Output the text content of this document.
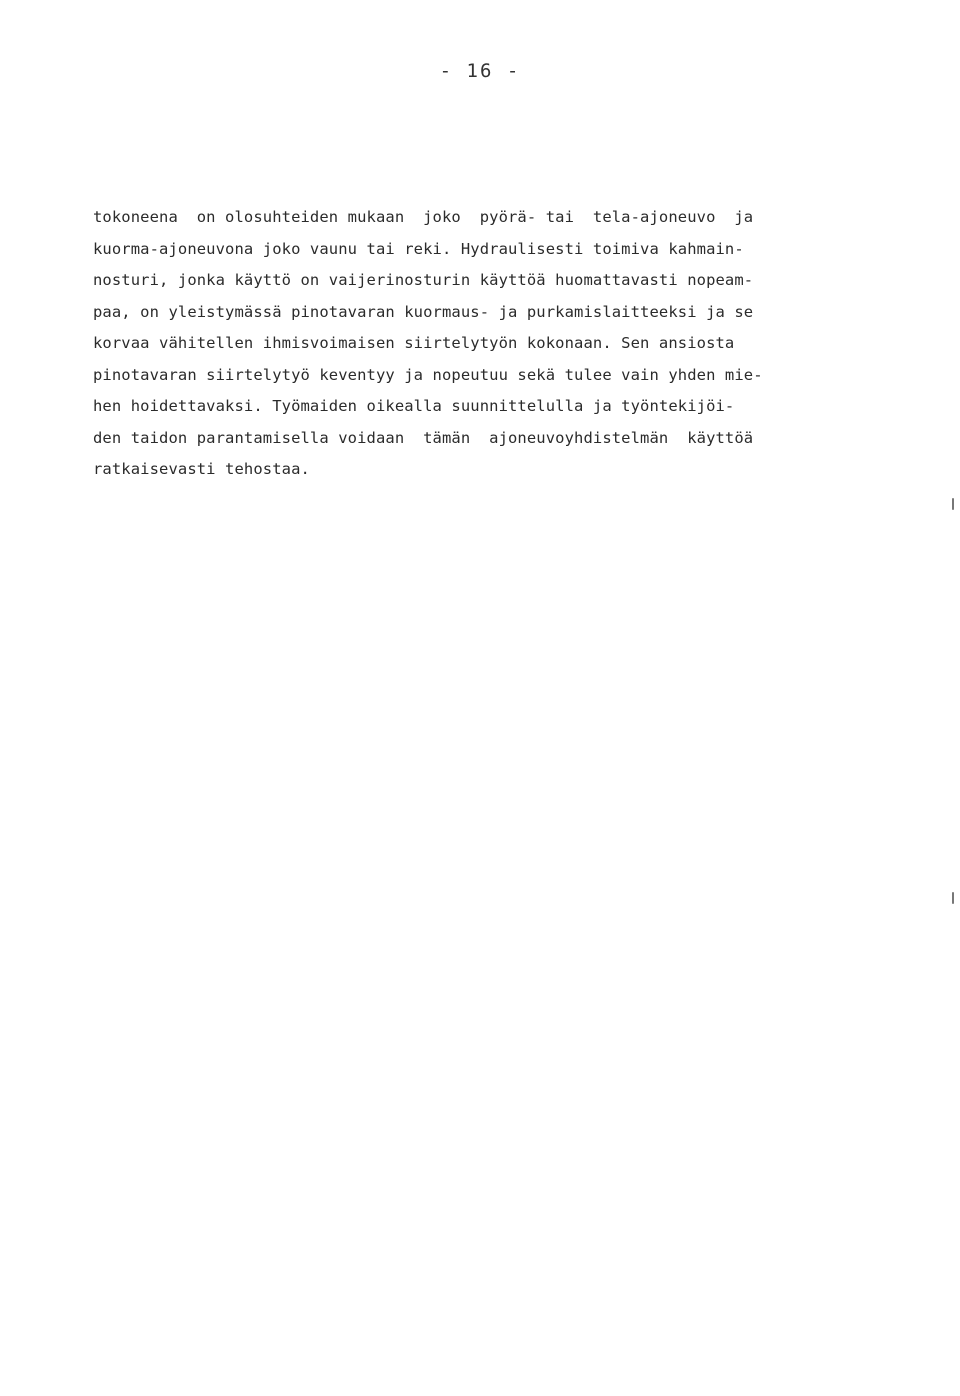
- 16 -
tokoneena  on olosuhteiden mukaan  joko  pyörä- tai  tela-ajoneuvo  ja
kuorma-ajoneuvona joko vaunu tai reki. Hydraulisesti toimiva kahmain-
nosturi, jonka käyttö on vaijerinosturin käyttöä huomattavasti nopeam-
paa, on yleistymässä pinotavaran kuormaus- ja purkamislaitteeksi ja se
korvaa vähitellen ihmisvoimaisen siirtelytyön kokonaan. Sen ansiosta
pinotavaran siirtelytyö keventyy ja nopeutuu sekä tulee vain yhden mie-
hen hoidettavaksi. Työmaiden oikealla suunnittelulla ja työntekijöi-
den taidon parantamisella voidaan  tämän  ajoneuvoyhdistelmän  käyttöä
ratkaisevasti tehostaa.
